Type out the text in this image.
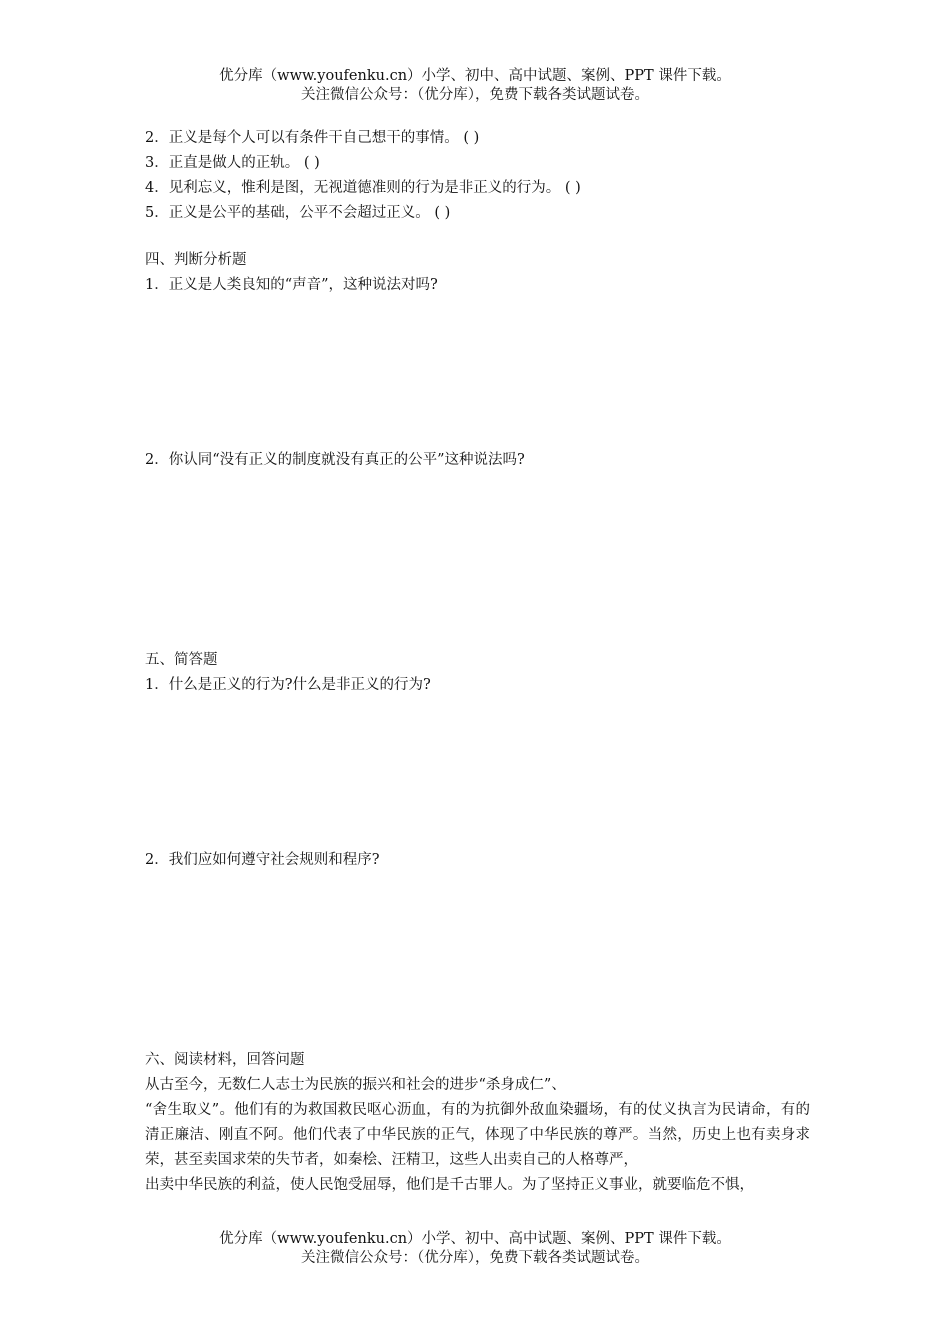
优分库（www.youfenku.cn）小学、初中、高中试题、案例、PPT 课件下载。
关注微信公众号：（优分库），免费下载各类试题试卷。
2．正义是每个人可以有条件干自己想干的事情。 ( )
3．正直是做人的正轨。 ( )
4．见利忘义，惟利是图，无视道德准则的行为是非正义的行为。 ( )
5．正义是公平的基础，公平不会超过正义。 ( )
四、判断分析题
1．正义是人类良知的“声音”，这种说法对吗?
2．你认同“没有正义的制度就没有真正的公平”这种说法吗?
五、简答题
1．什么是正义的行为?什么是非正义的行为?
2．我们应如何遵守社会规则和程序?
六、阅读材料，回答问题
从古至今，无数仁人志士为民族的振兴和社会的进步“杀身成仁”、
“舍生取义”。他们有的为救国救民呕心沥血，有的为抗御外敌血染疆场，有的仗义执言为民请命，有的清正廉洁、刚直不阿。他们代表了中华民族的正气，体现了中华民族的尊严。当然，历史上也有卖身求荣，甚至卖国求荣的失节者，如秦桧、汪精卫，这些人出卖自己的人格尊严，
出卖中华民族的利益，使人民饱受屈辱，他们是千古罪人。为了坚持正义事业，就要临危不惧，
优分库（www.youfenku.cn）小学、初中、高中试题、案例、PPT 课件下载。
关注微信公众号：（优分库），免费下载各类试题试卷。
